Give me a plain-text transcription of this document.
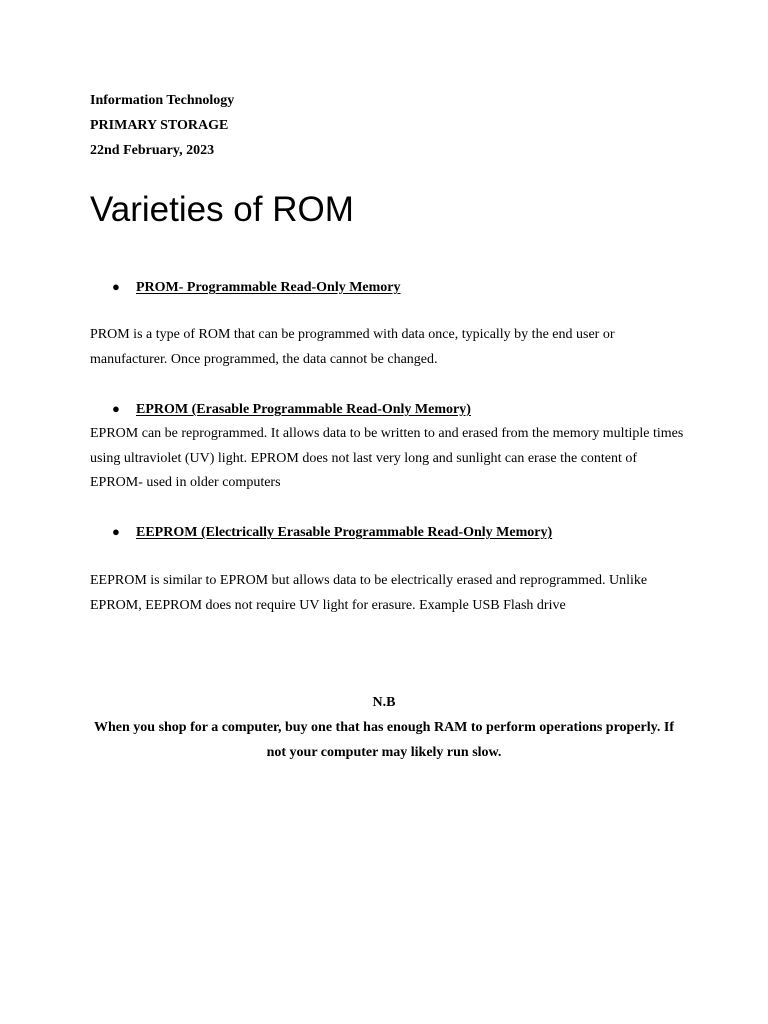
Information Technology
PRIMARY STORAGE
22nd February, 2023
Varieties of ROM
● PROM- Programmable Read-Only Memory
PROM is a type of ROM that can be programmed with data once, typically by the end user or
manufacturer. Once programmed, the data cannot be changed.
● EPROM (Erasable Programmable Read-Only Memory)
EPROM can be reprogrammed. It allows data to be written to and erased from the memory multiple times
using ultraviolet (UV) light. EPROM does not last very long and sunlight can erase the content of
EPROM- used in older computers
● EEPROM (Electrically Erasable Programmable Read-Only Memory)
EEPROM is similar to EPROM but allows data to be electrically erased and reprogrammed. Unlike
EPROM, EEPROM does not require UV light for erasure. Example USB Flash drive
N.B
When you shop for a computer, buy one that has enough RAM to perform operations properly. If
not your computer may likely run slow.
